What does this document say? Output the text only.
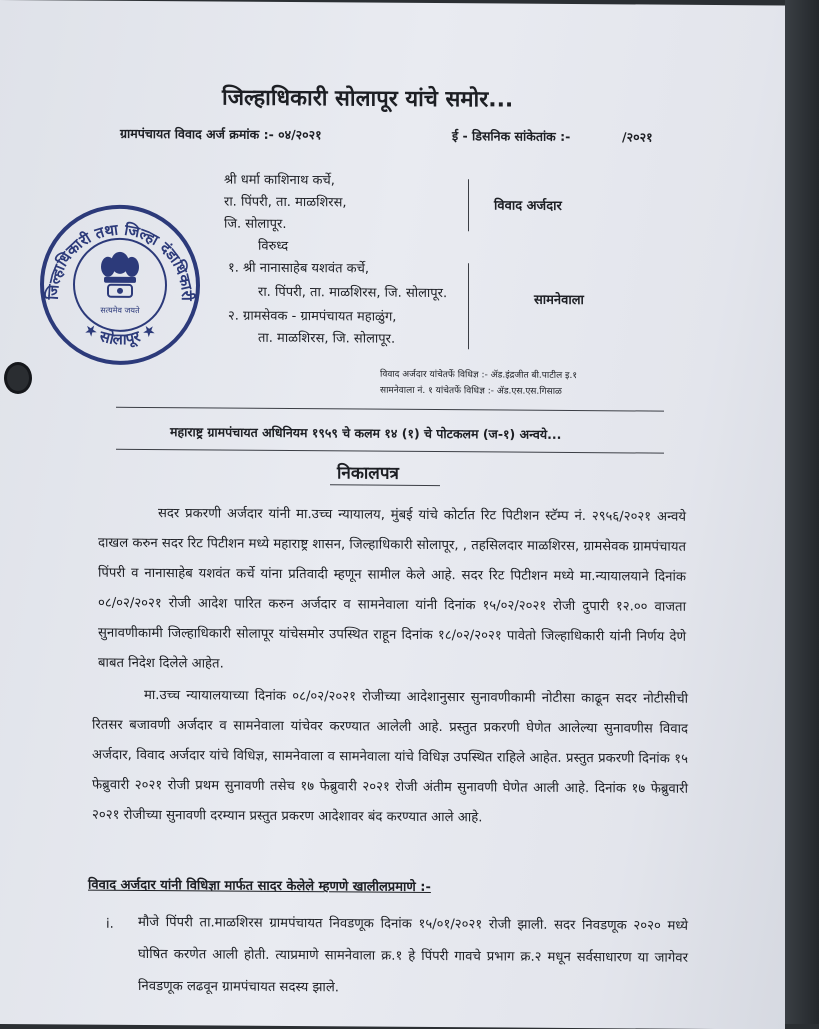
जिल्हाधिकारी सोलापूर यांचे समोर...
ग्रामपंचायत विवाद अर्ज क्रमांक :- ०४/२०२१	ई - डिसनिक सांकेतांक :-	/२०२१
श्री धर्मा काशिनाथ कर्चे,
रा. पिंपरी, ता. माळशिरस,
जि. सोलापूर.
विवाद अर्जदार
विरुध्द
१. श्री नानासाहेब यशवंत कर्चे,
रा. पिंपरी, ता. माळशिरस, जि. सोलापूर.
२. ग्रामसेवक - ग्रामपंचायत महाळुंग,
ता. माळशिरस, जि. सोलापूर.
सामनेवाला
विवाद अर्जदार यांचेतर्फे विधिज्ञ :- ॲड.इंद्रजीत बी.पाटील इ.१
सामनेवाला नं. १ यांचेतर्फे विधिज्ञ :- ॲड.एस.एस.गिसाळ
महाराष्ट्र ग्रामपंचायत अधिनियम १९५९ चे कलम १४ (१) चे पोटकलम (ज-१) अन्वये...
निकालपत्र
सदर प्रकरणी अर्जदार यांनी मा.उच्च न्यायालय, मुंबई यांचे कोर्टात रिट पिटीशन स्टॅम्प नं. २९५६/२०२१ अन्वये दाखल करुन सदर रिट पिटीशन मध्ये महाराष्ट्र शासन, जिल्हाधिकारी सोलापूर, , तहसिलदार माळशिरस, ग्रामसेवक ग्रामपंचायत पिंपरी व नानासाहेब यशवंत कर्चे यांना प्रतिवादी म्हणून सामील केले आहे. सदर रिट पिटीशन मध्ये मा.न्यायालयाने दिनांक ०८/०२/२०२१ रोजी आदेश पारित करुन अर्जदार व सामनेवाला यांनी दिनांक १५/०२/२०२१ रोजी दुपारी १२.०० वाजता सुनावणीकामी जिल्हाधिकारी सोलापूर यांचेसमोर उपस्थित राहून दिनांक १८/०२/२०२१ पावेतो जिल्हाधिकारी यांनी निर्णय देणे बाबत निदेश दिलेले आहेत.
मा.उच्च न्यायालयाच्या दिनांक ०८/०२/२०२१ रोजीच्या आदेशानुसार सुनावणीकामी नोटीसा काढून सदर नोटीसीची रितसर बजावणी अर्जदार व सामनेवाला यांचेवर करण्यात आलेली आहे. प्रस्तुत प्रकरणी घेणेत आलेल्या सुनावणीस विवाद अर्जदार, विवाद अर्जदार यांचे विधिज्ञ, सामनेवाला व सामनेवाला यांचे विधिज्ञ उपस्थित राहिले आहेत. प्रस्तुत प्रकरणी दिनांक १५ फेब्रुवारी २०२१ रोजी प्रथम सुनावणी तसेच १७ फेब्रुवारी २०२१ रोजी अंतीम सुनावणी घेणेत आली आहे. दिनांक १७ फेब्रुवारी २०२१ रोजीच्या सुनावणी दरम्यान प्रस्तुत प्रकरण आदेशावर बंद करण्यात आले आहे.
विवाद अर्जदार यांनी विधिज्ञा मार्फत सादर केलेले म्हणणे खालीलप्रमाणे :-
i. मौजे पिंपरी ता.माळशिरस ग्रामपंचायत निवडणूक दिनांक १५/०१/२०२१ रोजी झाली. सदर निवडणूक २०२० मध्ये घोषित करणेत आली होती. त्याप्रमाणे सामनेवाला क्र.१ हे पिंपरी गावचे प्रभाग क्र.२ मधून सर्वसाधारण या जागेवर निवडणूक लढवून ग्रामपंचायत सदस्य झाले.
जिल्हाधिकारी तथा जिल्हा दंडाधिकारी
★ सोलापूर ★
सत्यमेव जयते
